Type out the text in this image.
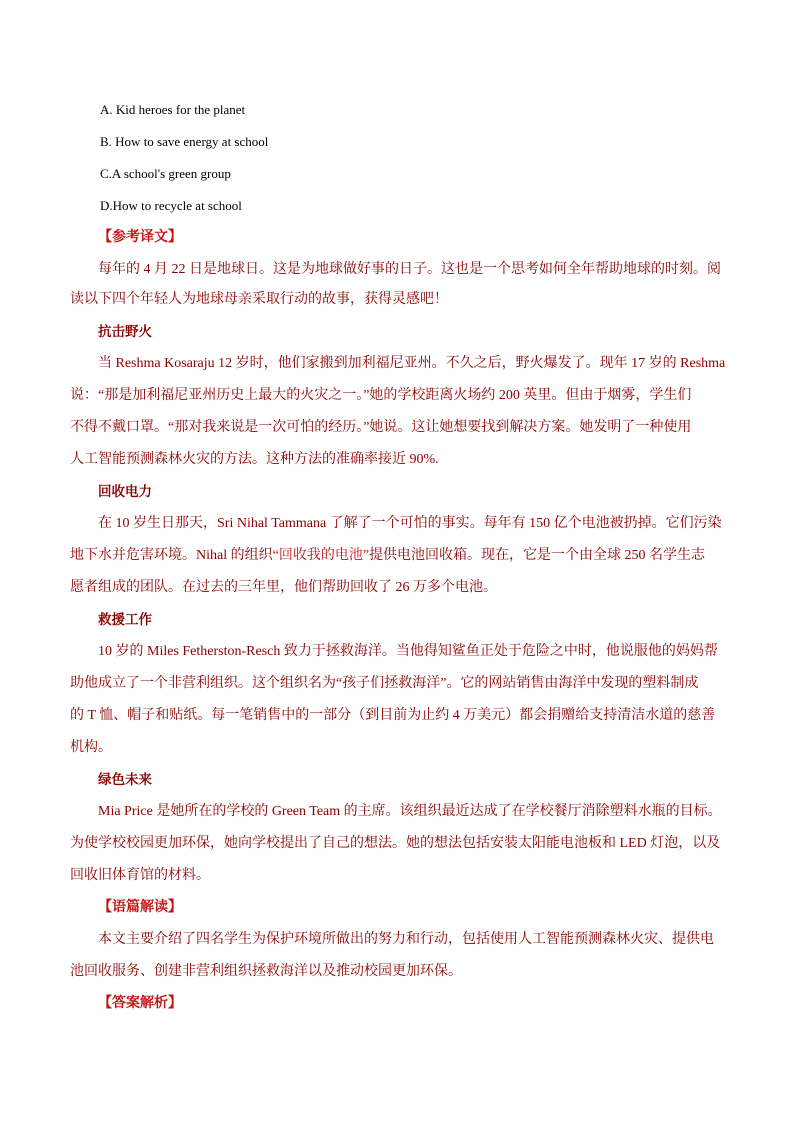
A. Kid heroes for the planet
B. How to save energy at school
C.A school's green group
D.How to recycle at school
【参考译文】
每年的 4 月 22 日是地球日。这是为地球做好事的日子。这也是一个思考如何全年帮助地球的时刻。阅
读以下四个年轻人为地球母亲采取行动的故事，获得灵感吧！
抗击野火
当 Reshma Kosaraju 12 岁时，他们家搬到加利福尼亚州。不久之后，野火爆发了。现年 17 岁的 Reshma
说：“那是加利福尼亚州历史上最大的火灾之一。”她的学校距离火场约 200 英里。但由于烟雾，学生们
不得不戴口罩。“那对我来说是一次可怕的经历。”她说。这让她想要找到解决方案。她发明了一种使用
人工智能预测森林火灾的方法。这种方法的准确率接近 90%.
回收电力
在 10 岁生日那天，Sri Nihal Tammana 了解了一个可怕的事实。每年有 150 亿个电池被扔掉。它们污染
地下水并危害环境。Nihal 的组织“回收我的电池”提供电池回收箱。现在，它是一个由全球 250 名学生志
愿者组成的团队。在过去的三年里，他们帮助回收了 26 万多个电池。
救援工作
10 岁的 Miles Fetherston-Resch 致力于拯救海洋。当他得知鲨鱼正处于危险之中时，他说服他的妈妈帮
助他成立了一个非营利组织。这个组织名为“孩子们拯救海洋”。它的网站销售由海洋中发现的塑料制成
的 T 恤、帽子和贴纸。每一笔销售中的一部分（到目前为止约 4 万美元）都会捐赠给支持清洁水道的慈善
机构。
绿色未来
Mia Price 是她所在的学校的 Green Team 的主席。该组织最近达成了在学校餐厅消除塑料水瓶的目标。
为使学校校园更加环保，她向学校提出了自己的想法。她的想法包括安装太阳能电池板和 LED 灯泡，以及
回收旧体育馆的材料。
【语篇解读】
本文主要介绍了四名学生为保护环境所做出的努力和行动，包括使用人工智能预测森林火灾、提供电
池回收服务、创建非营利组织拯救海洋以及推动校园更加环保。
【答案解析】
